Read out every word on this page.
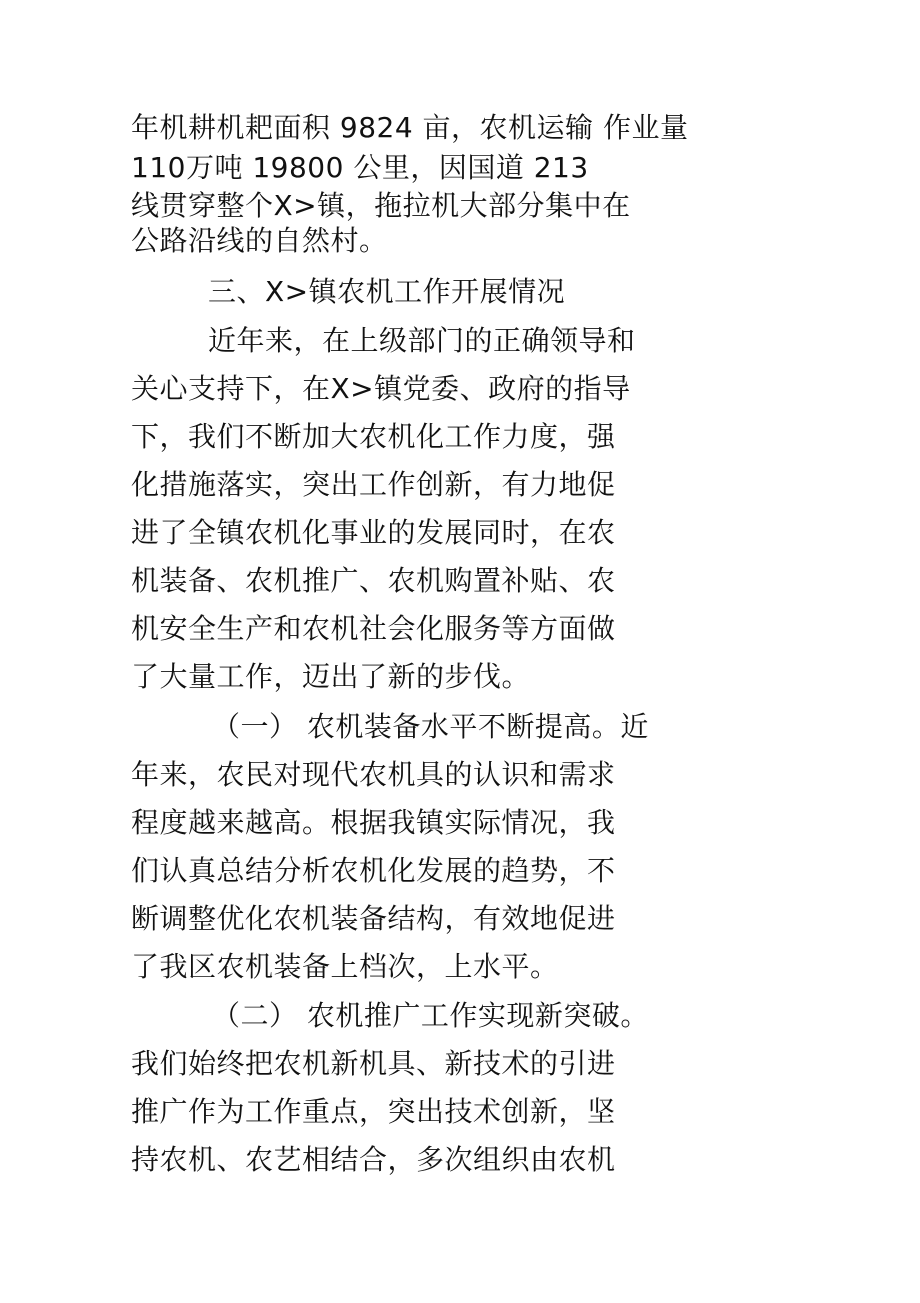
年机耕机耙面积 9824 亩，农机运输 作业量
110万吨 19800 公里，因国道 213
线贯穿整个X>镇，拖拉机大部分集中在
公路沿线的自然村。
三、X>镇农机工作开展情况
近年来，在上级部门的正确领导和
关心支持下，在X>镇党委、政府的指导
下，我们不断加大农机化工作力度，强
化措施落实，突出工作创新，有力地促
进了全镇农机化事业的发展同时，在农
机装备、农机推广、农机购置补贴、农
机安全生产和农机社会化服务等方面做
了大量工作，迈出了新的步伐。
（一） 农机装备水平不断提高。近
年来，农民对现代农机具的认识和需求
程度越来越高。根据我镇实际情况，我
们认真总结分析农机化发展的趋势，不
断调整优化农机装备结构，有效地促进
了我区农机装备上档次，上水平。
（二） 农机推广工作实现新突破。
我们始终把农机新机具、新技术的引进
推广作为工作重点，突出技术创新，坚
持农机、农艺相结合，多次组织由农机
